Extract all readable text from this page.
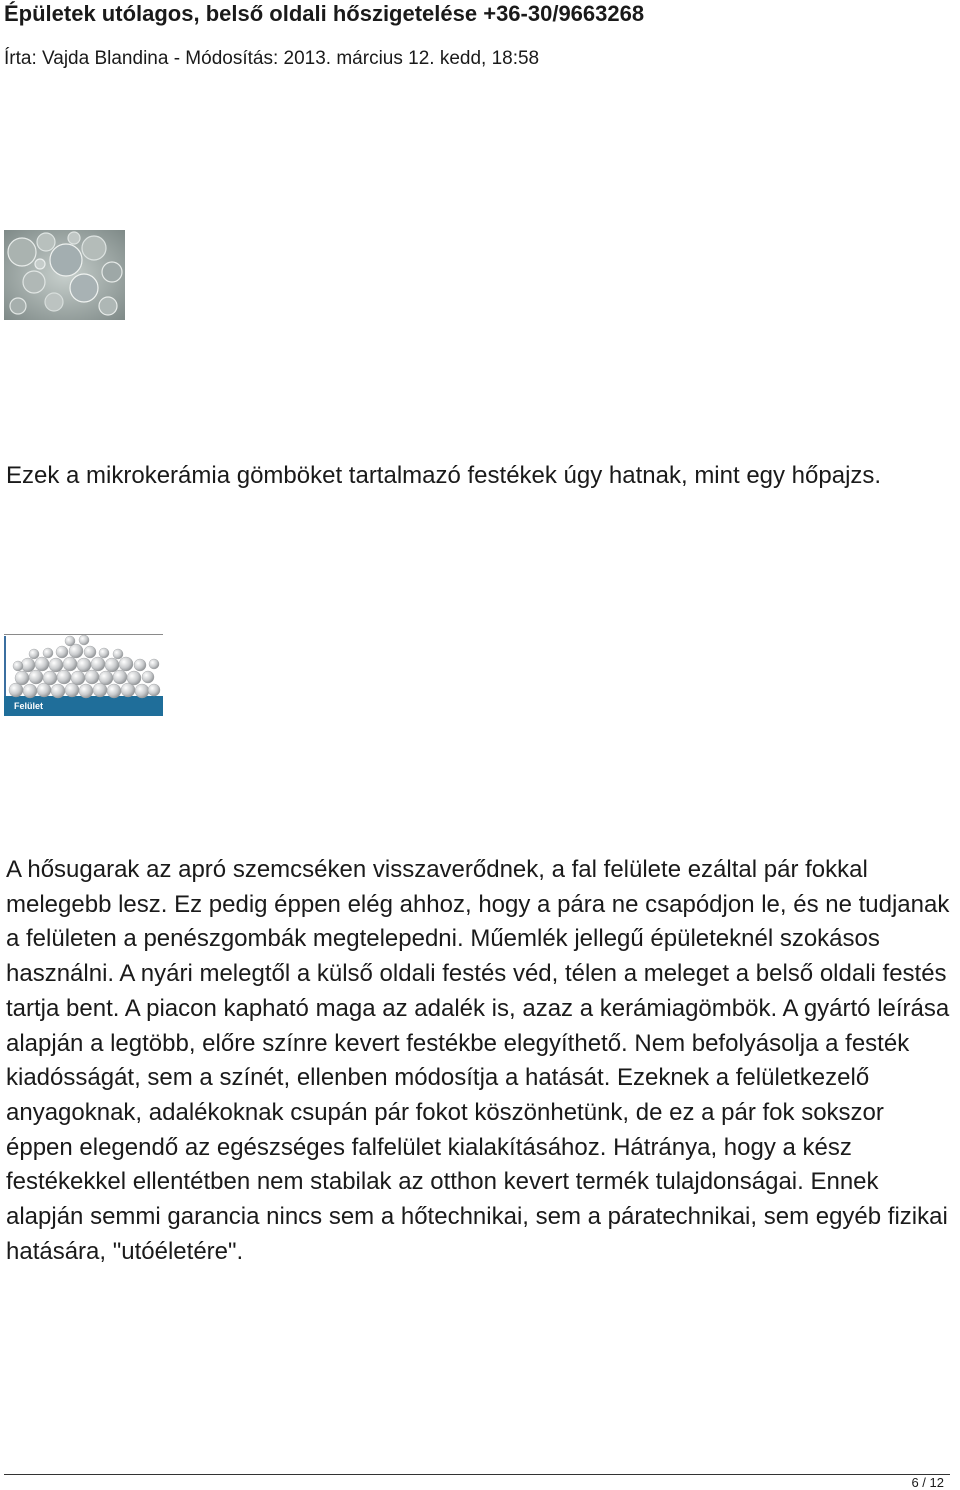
Épületek utólagos, belső oldali hőszigetelése +36-30/9663268
Írta: Vajda Blandina - Módosítás: 2013. március 12. kedd, 18:58

Ezek a mikrokerámia gömböket tartalmazó festékek úgy hatnak, mint egy hőpajzs.

Felület

A hősugarak az apró szemcséken visszaverődnek, a fal felülete ezáltal pár fokkal melegebb lesz. Ez pedig éppen elég ahhoz, hogy a pára ne csapódjon le, és ne tudjanak a felületen a penészgombák megtelepedni. Műemlék jellegű épületeknél szokásos használni. A nyári melegtől a külső oldali festés véd, télen a meleget a belső oldali festés tartja bent. A piacon kapható maga az adalék is, azaz a kerámiagömbök. A gyártó leírása alapján a legtöbb, előre színre kevert festékbe elegyíthető. Nem befolyásolja a festék kiadósságát, sem a színét, ellenben módosítja a hatását. Ezeknek a felületkezelő anyagoknak, adalékoknak csupán pár fokot köszönhetünk, de ez a pár fok sokszor éppen elegendő az egészséges falfelület kialakításához. Hátránya, hogy a kész festékekkel ellentétben nem stabilak az otthon kevert termék tulajdonságai. Ennek alapján semmi garancia nincs sem a hőtechnikai, sem a páratechnikai, sem egyéb fizikai hatására, "utóéletére".

6 / 12
